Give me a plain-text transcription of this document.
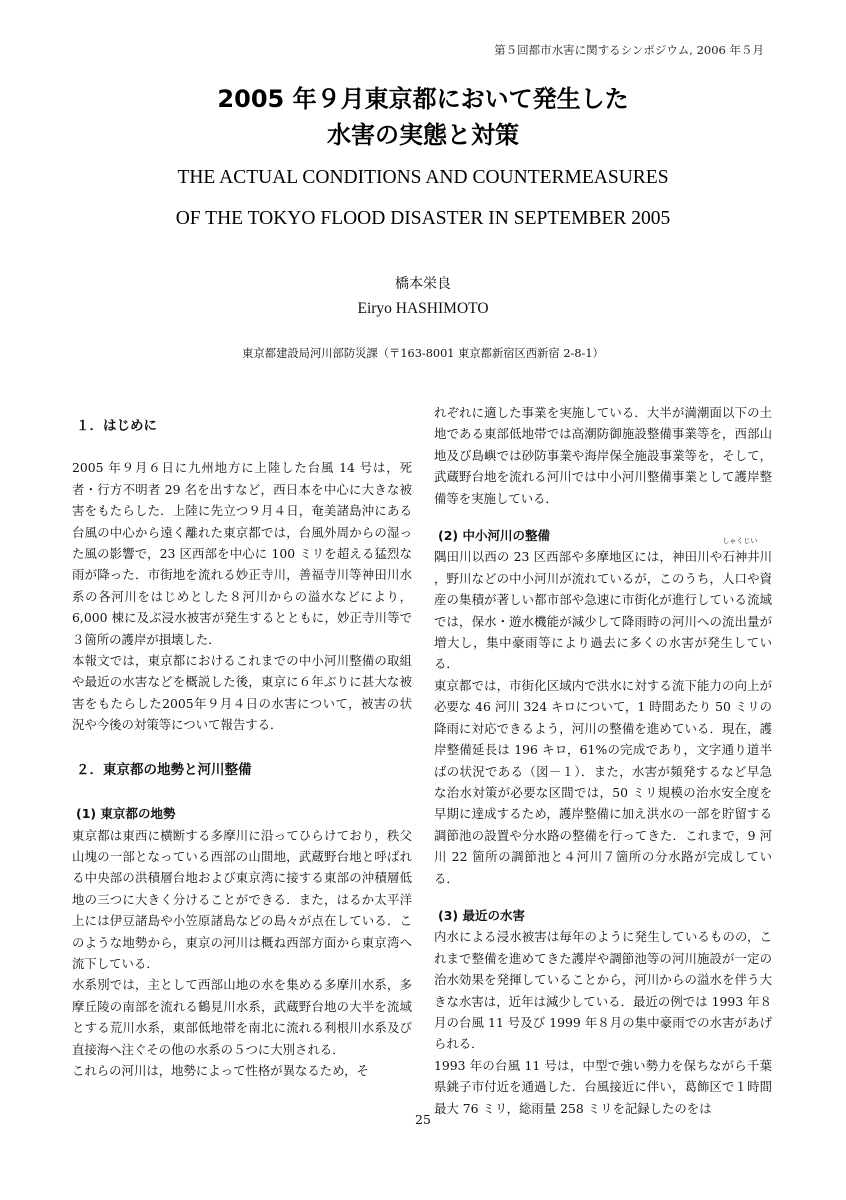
第５回都市水害に関するシンポジウム, 2006 年５月
2005 年９月東京都において発生した
水害の実態と対策
THE ACTUAL CONDITIONS AND COUNTERMEASURES
OF THE TOKYO FLOOD DISASTER IN SEPTEMBER 2005
橋本栄良
Eiryo HASHIMOTO
東京都建設局河川部防災課（〒163-8001 東京都新宿区西新宿 2-8-1）
１．はじめに

2005 年９月６日に九州地方に上陸した台風 14 号は，死者・行方不明者 29 名を出すなど，西日本を中心に大きな被害をもたらした．上陸に先立つ９月４日，奄美諸島沖にある台風の中心から遠く離れた東京都では，台風外周からの湿った風の影響で，23 区西部を中心に 100 ミリを超える猛烈な雨が降った．市街地を流れる妙正寺川，善福寺川等神田川水系の各河川をはじめとした８河川からの溢水などにより，6,000 棟に及ぶ浸水被害が発生するとともに，妙正寺川等で３箇所の護岸が損壊した．

本報文では，東京都におけるこれまでの中小河川整備の取組や最近の水害などを概説した後，東京に６年ぶりに甚大な被害をもたらした2005年９月４日の水害について，被害の状況や今後の対策等について報告する．

２．東京都の地勢と河川整備
(1) 東京都の地勢

東京都は東西に横断する多摩川に沿ってひらけており，秩父山塊の一部となっている西部の山間地，武蔵野台地と呼ばれる中央部の洪積層台地および東京湾に接する東部の沖積層低地の三つに大きく分けることができる．また，はるか太平洋上には伊豆諸島や小笠原諸島などの島々が点在している．このような地勢から，東京の河川は概ね西部方面から東京湾へ流下している．

水系別では，主として西部山地の水を集める多摩川水系，多摩丘陵の南部を流れる鶴見川水系，武蔵野台地の大半を流域とする荒川水系，東部低地帯を南北に流れる利根川水系及び直接海へ注ぐその他の水系の５つに大別される．

これらの河川は，地勢によって性格が異なるため，そ

れぞれに適した事業を実施している．大半が満潮面以下の土地である東部低地帯では高潮防御施設整備事業等を，西部山地及び島嶼では砂防事業や海岸保全施設事業等を，そして，武蔵野台地を流れる河川では中小河川整備事業として護岸整備等を実施している．

(2) 中小河川の整備

隅田川以西の 23 区西部や多摩地区には，神田川や
しゃくじい
石神井川，野川などの中小河川が流れているが，このうち，人口や資産の集積が著しい都市部や急速に市街化が進行している流域では，保水・遊水機能が減少して降雨時の河川への流出量が増大し，集中豪雨等により過去に多くの水害が発生している．

東京都では，市街化区域内で洪水に対する流下能力の向上が必要な 46 河川 324 キロについて，1 時間あたり 50 ミリの降雨に対応できるよう，河川の整備を進めている．現在，護岸整備延長は 196 キロ，61%の完成であり，文字通り道半ばの状況である（図－１）．また，水害が頻発するなど早急な治水対策が必要な区間では，50 ミリ規模の治水安全度を早期に達成するため，護岸整備に加え洪水の一部を貯留する調節池の設置や分水路の整備を行ってきた．これまで，9 河川 22 箇所の調節池と４河川７箇所の分水路が完成している．

(3) 最近の水害

内水による浸水被害は毎年のように発生しているものの，これまで整備を進めてきた護岸や調節池等の河川施設が一定の治水効果を発揮していることから，河川からの溢水を伴う大きな水害は，近年は減少している．最近の例では 1993 年８月の台風 11 号及び 1999 年８月の集中豪雨での水害があげられる．

1993 年の台風 11 号は，中型で強い勢力を保ちながら千葉県銚子市付近を通過した．台風接近に伴い，葛飾区で１時間最大 76 ミリ，総雨量 258 ミリを記録したのをは

25
